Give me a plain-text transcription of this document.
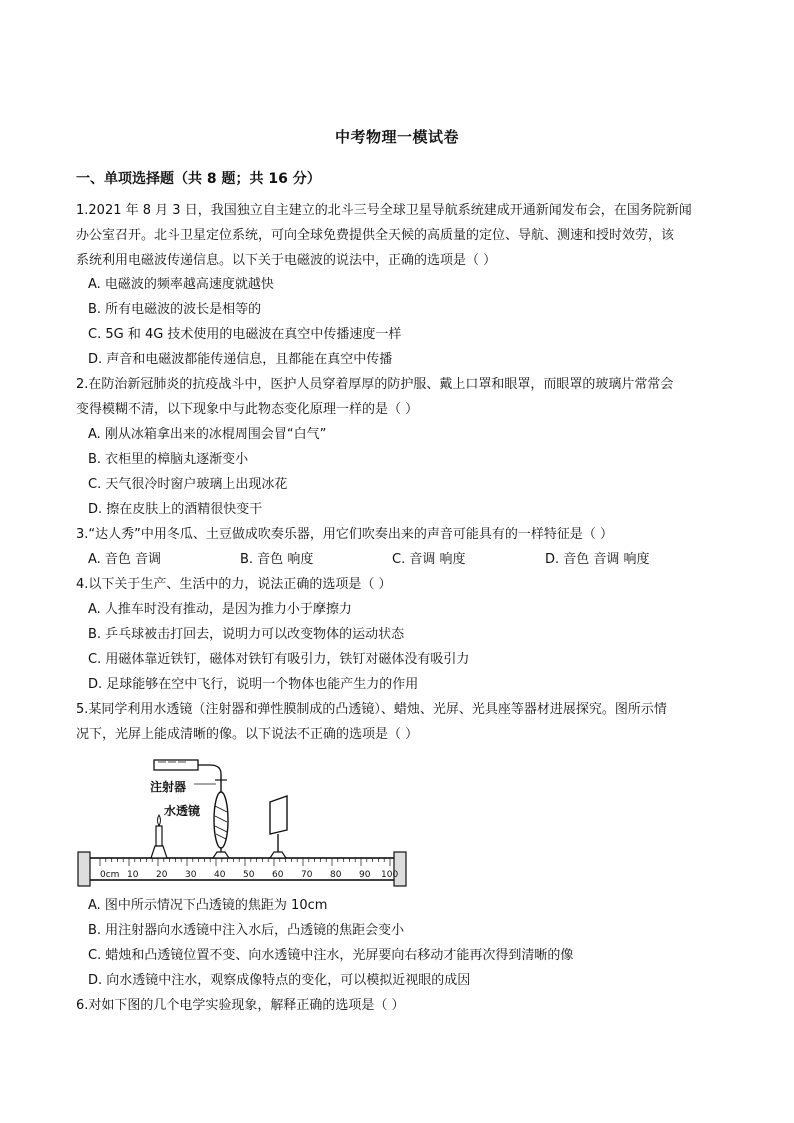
中考物理一模试卷
一、单项选择题（共 8 题；共 16 分）
1.2021 年 8 月 3 日，我国独立自主建立的北斗三号全球卫星导航系统建成开通新闻发布会，在国务院新闻
办公室召开。北斗卫星定位系统，可向全球免费提供全天候的高质量的定位、导航、测速和授时效劳，该
系统利用电磁波传递信息。以下关于电磁波的说法中，正确的选项是（ ）
A. 电磁波的频率越高速度就越快
B. 所有电磁波的波长是相等的
C. 5G 和 4G 技术使用的电磁波在真空中传播速度一样
D. 声音和电磁波都能传递信息，且都能在真空中传播
2.在防治新冠肺炎的抗疫战斗中，医护人员穿着厚厚的防护服、戴上口罩和眼罩，而眼罩的玻璃片常常会
变得模糊不清，以下现象中与此物态变化原理一样的是（ ）
A. 刚从冰箱拿出来的冰棍周围会冒“白气”
B. 衣柜里的樟脑丸逐渐变小
C. 天气很冷时窗户玻璃上出现冰花
D. 擦在皮肤上的酒精很快变干
3.“达人秀”中用冬瓜、土豆做成吹奏乐器，用它们吹奏出来的声音可能具有的一样特征是（ ）
A. 音色 音调	B. 音色 响度	C. 音调 响度	D. 音色 音调 响度
4.以下关于生产、生活中的力，说法正确的选项是（ ）
A. 人推车时没有推动，是因为推力小于摩擦力
B. 乒乓球被击打回去，说明力可以改变物体的运动状态
C. 用磁体靠近铁钉，磁体对铁钉有吸引力，铁钉对磁体没有吸引力
D. 足球能够在空中飞行，说明一个物体也能产生力的作用
5.某同学利用水透镜（注射器和弹性膜制成的凸透镜）、蜡烛、光屏、光具座等器材进展探究。图所示情
况下，光屏上能成清晰的像。以下说法不正确的选项是（ ）
0cm 10 20 30 40 50 60 70 80 90 100
注射器
水透镜
A. 图中所示情况下凸透镜的焦距为 10cm
B. 用注射器向水透镜中注入水后，凸透镜的焦距会变小
C. 蜡烛和凸透镜位置不变、向水透镜中注水，光屏要向右移动才能再次得到清晰的像
D. 向水透镜中注水，观察成像特点的变化，可以模拟近视眼的成因
6.对如下图的几个电学实验现象，解释正确的选项是（ ）
